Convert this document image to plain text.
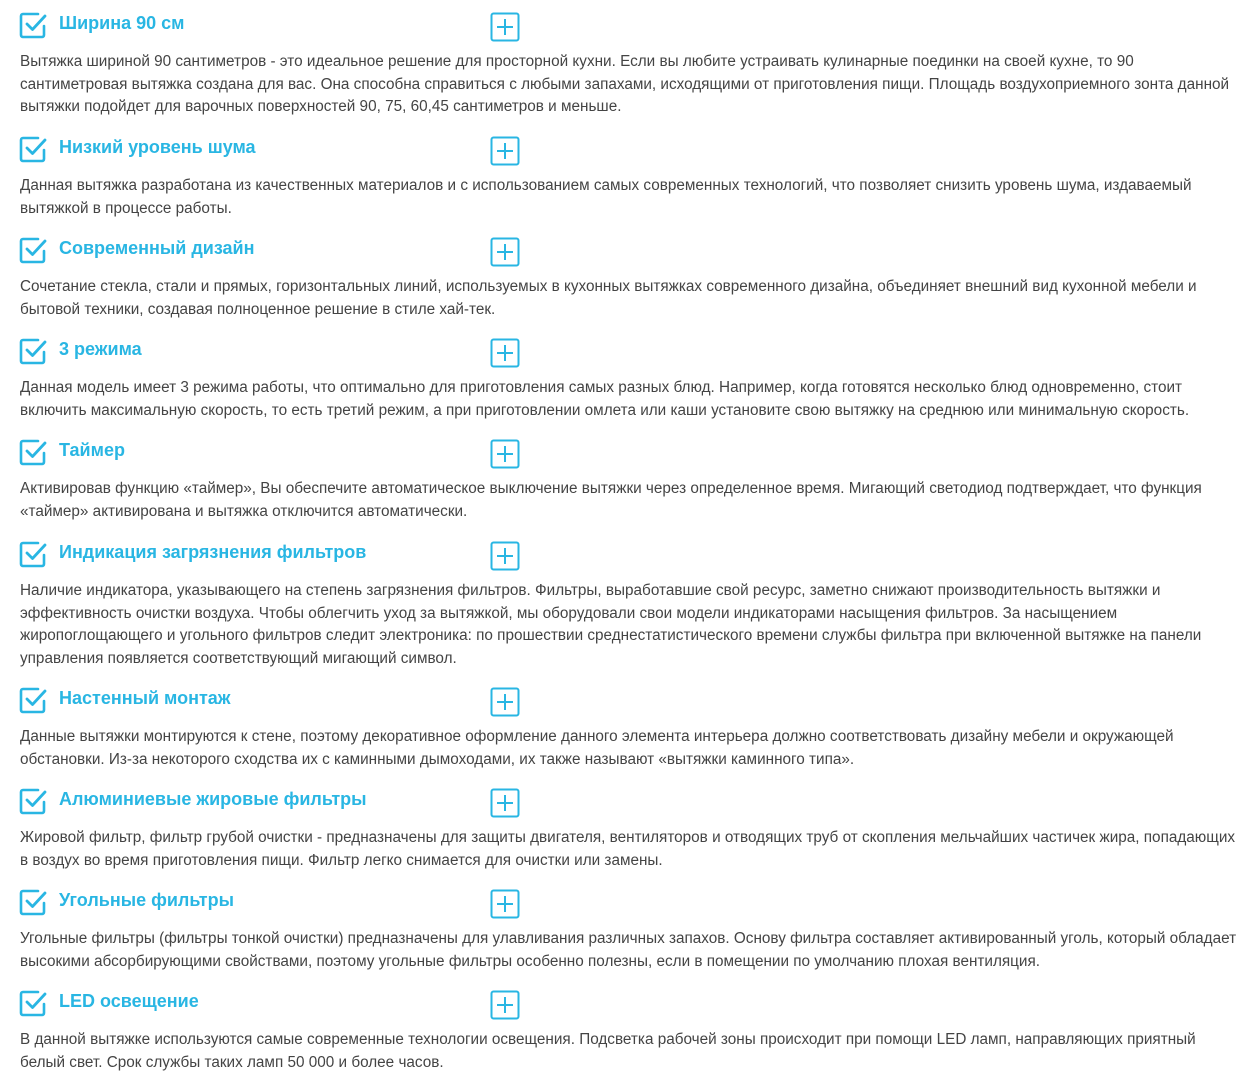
Ширина 90 см

Вытяжка шириной 90 сантиметров - это идеальное решение для просторной кухни. Если вы любите устраивать кулинарные поединки на своей кухне, то 90 сантиметровая вытяжка создана для вас. Она способна справиться с любыми запахами, исходящими от приготовления пищи. Площадь воздухоприемного зонта данной вытяжки подойдет для варочных поверхностей 90, 75, 60,45 сантиметров и меньше.

Низкий уровень шума

Данная вытяжка разработана из качественных материалов и с использованием самых современных технологий, что позволяет снизить уровень шума, издаваемый вытяжкой в процессе работы.

Современный дизайн

Сочетание стекла, стали и прямых, горизонтальных линий, используемых в кухонных вытяжках современного дизайна, объединяет внешний вид кухонной мебели и бытовой техники, создавая полноценное решение в стиле хай-тек.

3 режима

Данная модель имеет 3 режима работы, что оптимально для приготовления самых разных блюд. Например, когда готовятся несколько блюд одновременно, стоит включить максимальную скорость, то есть третий режим, а при приготовлении омлета или каши установите свою вытяжку на среднюю или минимальную скорость.

Таймер

Активировав функцию «таймер», Вы обеспечите автоматическое выключение вытяжки через определенное время. Мигающий светодиод подтверждает, что функция «таймер» активирована и вытяжка отключится автоматически.

Индикация загрязнения фильтров

Наличие индикатора, указывающего на степень загрязнения фильтров. Фильтры, выработавшие свой ресурс, заметно снижают производительность вытяжки и эффективность очистки воздуха. Чтобы облегчить уход за вытяжкой, мы оборудовали свои модели индикаторами насыщения фильтров. За насыщением жиропоглощающего и угольного фильтров следит электроника: по прошествии среднестатистического времени службы фильтра при включенной вытяжке на панели управления появляется соответствующий мигающий символ.

Настенный монтаж

Данные вытяжки монтируются к стене, поэтому декоративное оформление данного элемента интерьера должно соответствовать дизайну мебели и окружающей обстановки. Из-за некоторого сходства их с каминными дымоходами, их также называют «вытяжки каминного типа».

Алюминиевые жировые фильтры

Жировой фильтр, фильтр грубой очистки - предназначены для защиты двигателя, вентиляторов и отводящих труб от скопления мельчайших частичек жира, попадающих в воздух во время приготовления пищи. Фильтр легко снимается для очистки или замены.

Угольные фильтры

Угольные фильтры (фильтры тонкой очистки) предназначены для улавливания различных запахов. Основу фильтра составляет активированный уголь, который обладает высокими абсорбирующими свойствами, поэтому угольные фильтры особенно полезны, если в помещении по умолчанию плохая вентиляция.

LED освещение

В данной вытяжке используются самые современные технологии освещения. Подсветка рабочей зоны происходит при помощи LED ламп, направляющих приятный белый свет. Срок службы таких ламп 50 000 и более часов.
